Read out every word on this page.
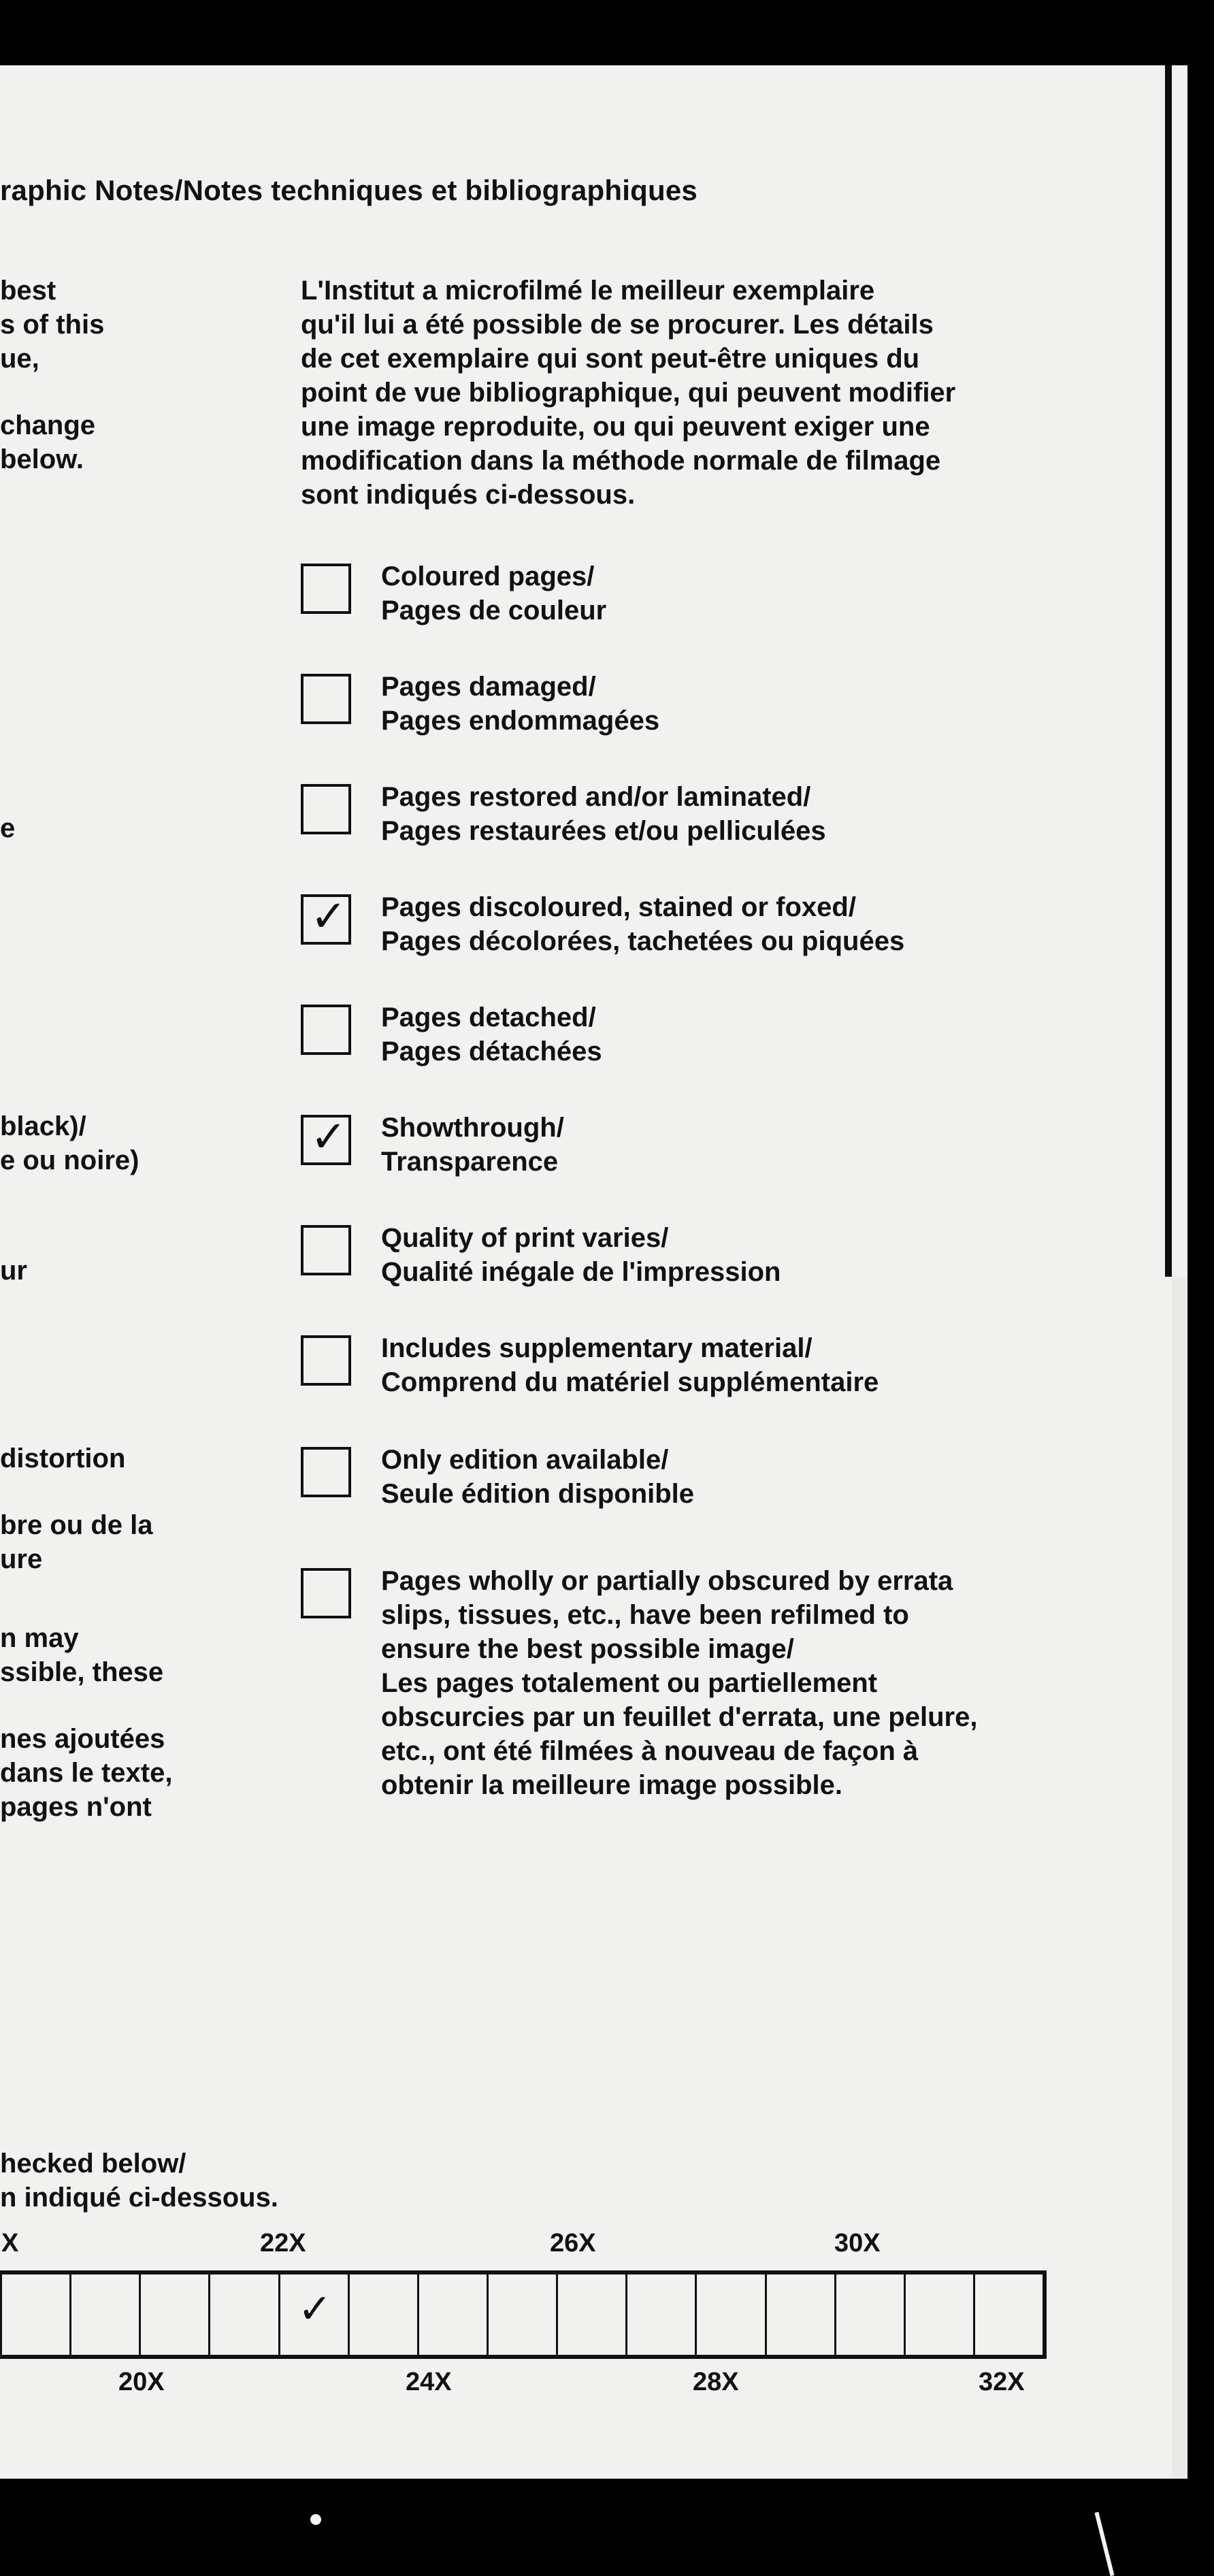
raphic Notes/Notes techniques et bibliographiques
best
s of this
ue,
change
below.
e
black)/
e ou noire)
ur
distortion
bre ou de la
ure
n may
ssible, these
nes ajoutées
dans le texte,
pages n'ont
L'Institut a microfilmé le meilleur exemplaire
qu'il lui a été possible de se procurer. Les détails
de cet exemplaire qui sont peut-être uniques du
point de vue bibliographique, qui peuvent modifier
une image reproduite, ou qui peuvent exiger une
modification dans la méthode normale de filmage
sont indiqués ci-dessous.
Coloured pages/
Pages de couleur
Pages damaged/
Pages endommagées
Pages restored and/or laminated/
Pages restaurées et/ou pelliculées
✓ Pages discoloured, stained or foxed/
Pages décolorées, tachetées ou piquées
Pages detached/
Pages détachées
✓ Showthrough/
Transparence
Quality of print varies/
Qualité inégale de l'impression
Includes supplementary material/
Comprend du matériel supplémentaire
Only edition available/
Seule édition disponible
Pages wholly or partially obscured by errata
slips, tissues, etc., have been refilmed to
ensure the best possible image/
Les pages totalement ou partiellement
obscurcies par un feuillet d'errata, une pelure,
etc., ont été filmées à nouveau de façon à
obtenir la meilleure image possible.
hecked below/
n indiqué ci-dessous.
X	22X	26X	30X
20X	24X	28X	32X
✓
